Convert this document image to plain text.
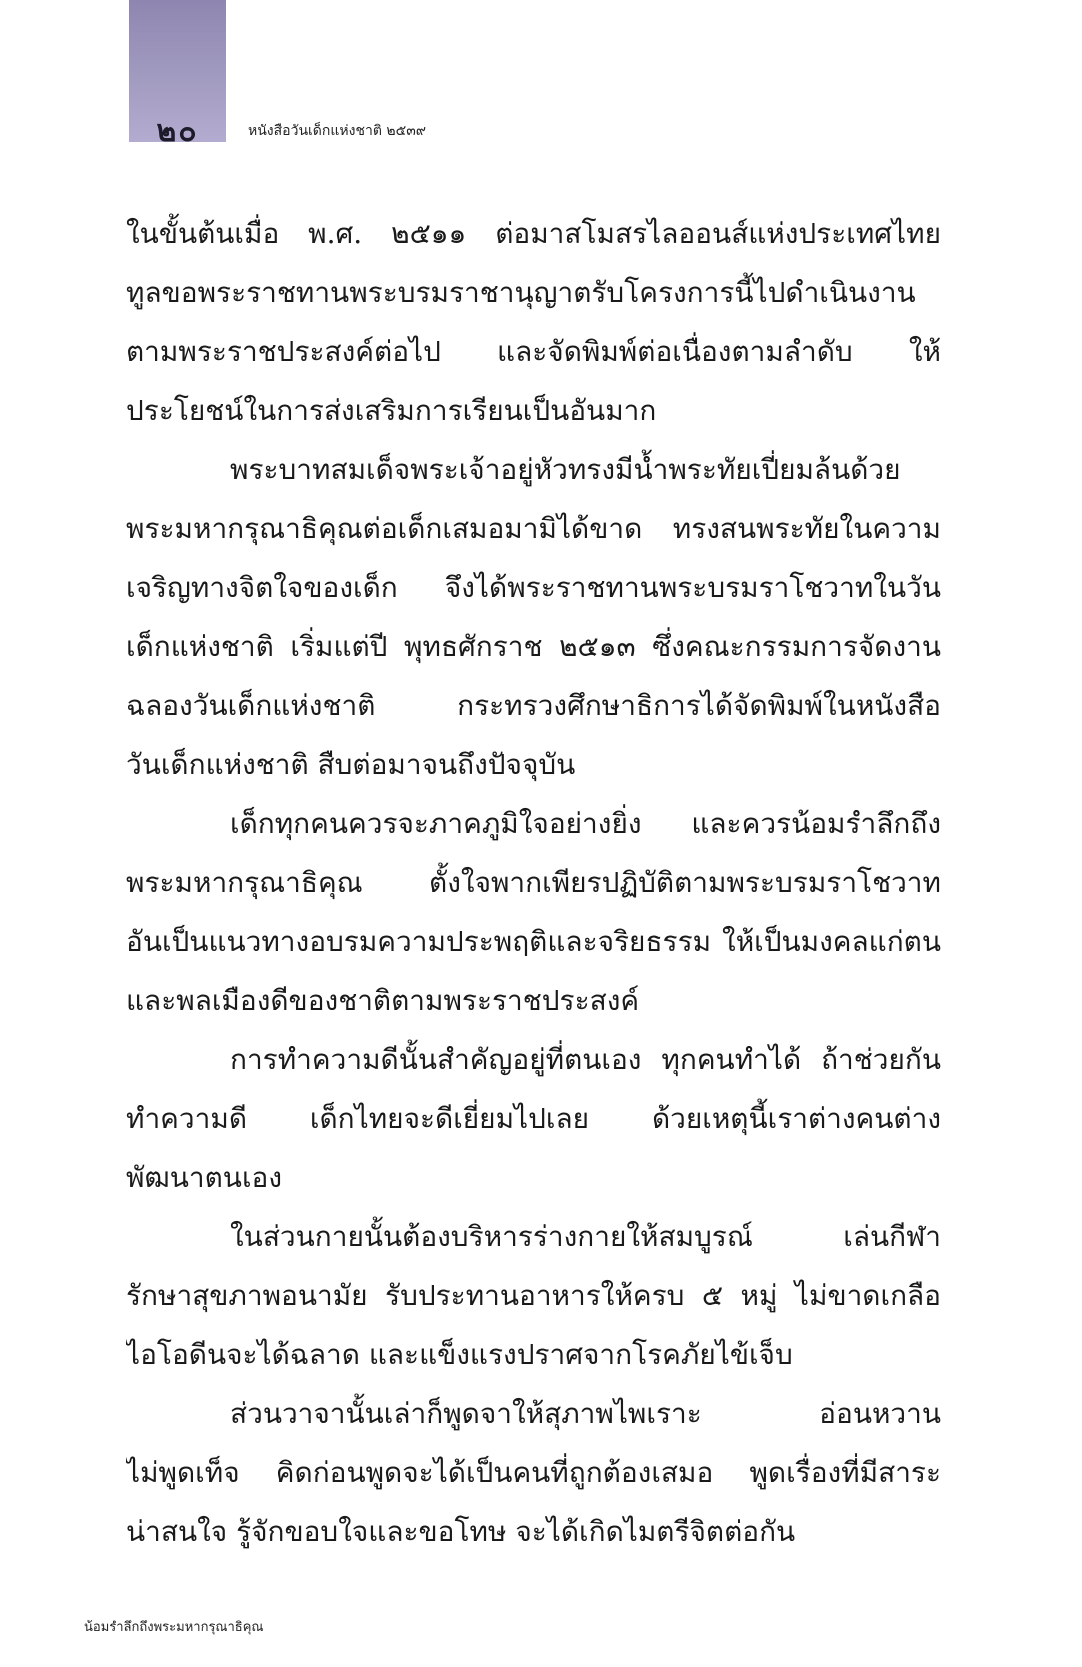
๒๐	หนังสือวันเด็กแห่งชาติ ๒๕๓๙
ในขั้นต้นเมื่อ พ.ศ. ๒๕๑๑ ต่อมาสโมสรไลออนส์แห่งประเทศไทย
ทูลขอพระราชทานพระบรมราชานุญาตรับโครงการนี้ไปดำเนินงาน
ตามพระราชประสงค์ต่อไป และจัดพิมพ์ต่อเนื่องตามลำดับ ให้
ประโยชน์ในการส่งเสริมการเรียนเป็นอันมาก
พระบาทสมเด็จพระเจ้าอยู่หัวทรงมีน้ำพระทัยเปี่ยมล้นด้วย
พระมหากรุณาธิคุณต่อเด็กเสมอมามิได้ขาด ทรงสนพระทัยในความ
เจริญทางจิตใจของเด็ก จึงได้พระราชทานพระบรมราโชวาทในวัน
เด็กแห่งชาติ เริ่มแต่ปี พุทธศักราช ๒๕๑๓ ซึ่งคณะกรรมการจัดงาน
ฉลองวันเด็กแห่งชาติ กระทรวงศึกษาธิการได้จัดพิมพ์ในหนังสือ
วันเด็กแห่งชาติ สืบต่อมาจนถึงปัจจุบัน
เด็กทุกคนควรจะภาคภูมิใจอย่างยิ่ง และควรน้อมรำลึกถึง
พระมหากรุณาธิคุณ ตั้งใจพากเพียรปฏิบัติตามพระบรมราโชวาท
อันเป็นแนวทางอบรมความประพฤติและจริยธรรม ให้เป็นมงคลแก่ตน
และพลเมืองดีของชาติตามพระราชประสงค์
การทำความดีนั้นสำคัญอยู่ที่ตนเอง ทุกคนทำได้ ถ้าช่วยกัน
ทำความดี เด็กไทยจะดีเยี่ยมไปเลย ด้วยเหตุนี้เราต่างคนต่าง
พัฒนาตนเอง
ในส่วนกายนั้นต้องบริหารร่างกายให้สมบูรณ์ เล่นกีฬา
รักษาสุขภาพอนามัย รับประทานอาหารให้ครบ ๕ หมู่ ไม่ขาดเกลือ
ไอโอดีนจะได้ฉลาด และแข็งแรงปราศจากโรคภัยไข้เจ็บ
ส่วนวาจานั้นเล่าก็พูดจาให้สุภาพไพเราะ อ่อนหวาน
ไม่พูดเท็จ คิดก่อนพูดจะได้เป็นคนที่ถูกต้องเสมอ พูดเรื่องที่มีสาระ
น่าสนใจ รู้จักขอบใจและขอโทษ จะได้เกิดไมตรีจิตต่อกัน
น้อมรำลึกถึงพระมหากรุณาธิคุณ
